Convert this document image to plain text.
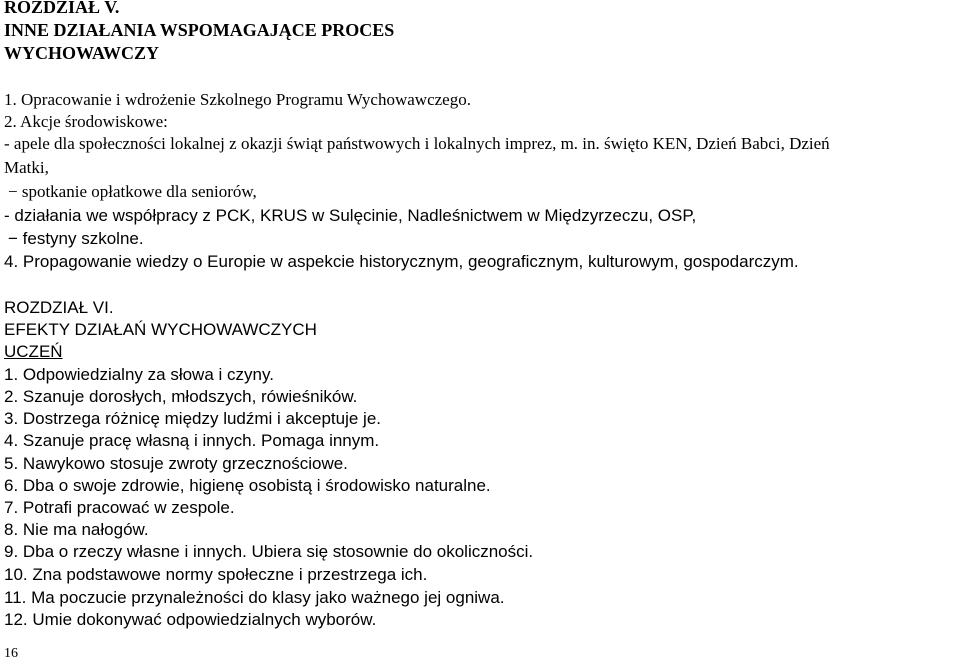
ROZDZIAŁ V.
INNE DZIAŁANIA WSPOMAGAJĄCE PROCES
WYCHOWAWCZY
1. Opracowanie i wdrożenie Szkolnego Programu Wychowawczego.
2. Akcje środowiskowe:
- apele dla społeczności lokalnej z okazji świąt państwowych i lokalnych imprez, m. in. święto KEN, Dzień Babci, Dzień
Matki,
− spotkanie opłatkowe dla seniorów,
- działania we współpracy z PCK, KRUS w Sulęcinie, Nadleśnictwem w Międzyrzeczu, OSP,
− festyny szkolne.
4. Propagowanie wiedzy o Europie w aspekcie historycznym, geograficznym, kulturowym, gospodarczym.
ROZDZIAŁ VI.
EFEKTY DZIAŁAŃ WYCHOWAWCZYCH
UCZEŃ
1. Odpowiedzialny za słowa i czyny.
2. Szanuje dorosłych, młodszych, rówieśników.
3. Dostrzega różnicę między ludźmi i akceptuje je.
4. Szanuje pracę własną i innych. Pomaga innym.
5. Nawykowo stosuje zwroty grzecznościowe.
6. Dba o swoje zdrowie, higienę osobistą i środowisko naturalne.
7. Potrafi pracować w zespole.
8. Nie ma nałogów.
9. Dba o rzeczy własne i innych. Ubiera się stosownie do okoliczności.
10. Zna podstawowe normy społeczne i przestrzega ich.
11. Ma poczucie przynależności do klasy jako ważnego jej ogniwa.
12. Umie dokonywać odpowiedzialnych wyborów.
16
